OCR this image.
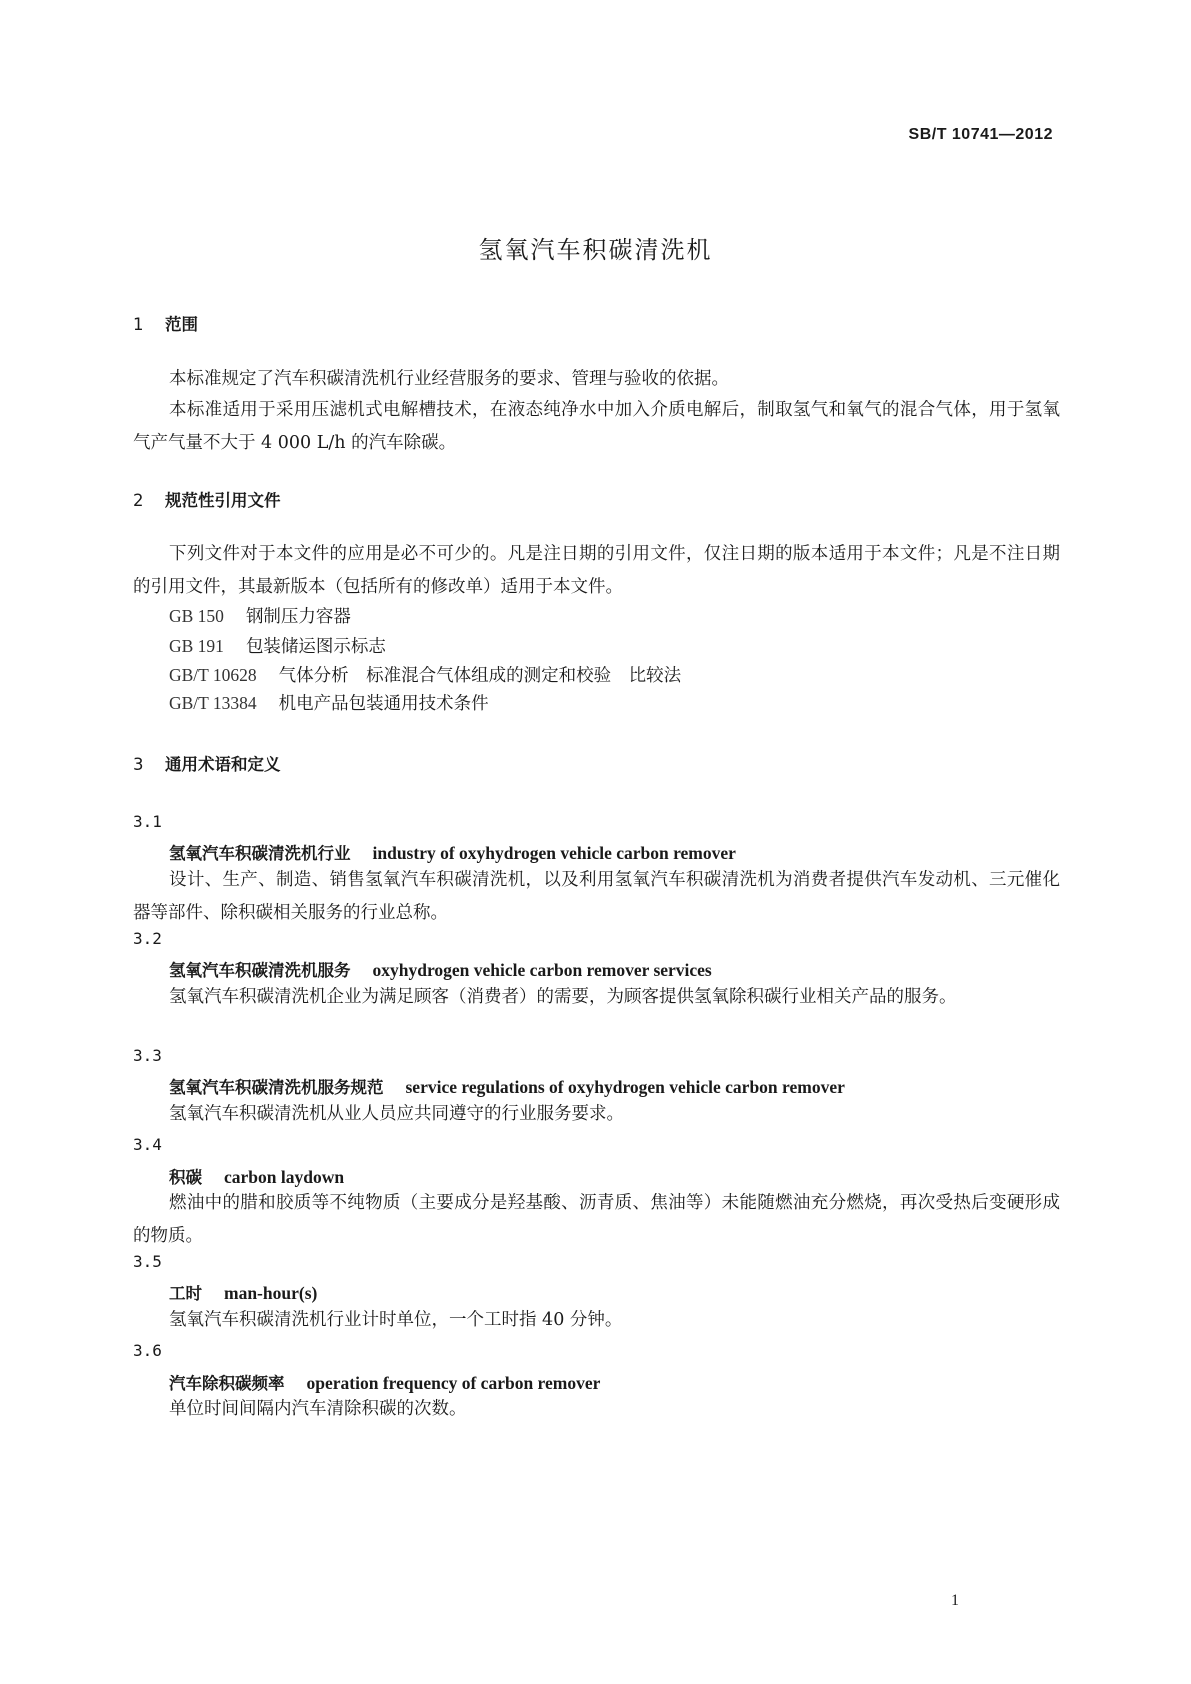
SB/T 10741—2012
氢氧汽车积碳清洗机
1 范围
本标准规定了汽车积碳清洗机行业经营服务的要求、管理与验收的依据。
本标准适用于采用压滤机式电解槽技术，在液态纯净水中加入介质电解后，制取氢气和氧气的混合气体，用于氢氧气产气量不大于 4 000 L/h 的汽车除碳。
2 规范性引用文件
下列文件对于本文件的应用是必不可少的。凡是注日期的引用文件，仅注日期的版本适用于本文件；凡是不注日期的引用文件，其最新版本（包括所有的修改单）适用于本文件。
GB 150 钢制压力容器
GB 191 包装储运图示标志
GB/T 10628 气体分析　标准混合气体组成的测定和校验　比较法
GB/T 13384 机电产品包装通用技术条件
3 通用术语和定义
3.1
氢氧汽车积碳清洗机行业 industry of oxyhydrogen vehicle carbon remover
设计、生产、制造、销售氢氧汽车积碳清洗机，以及利用氢氧汽车积碳清洗机为消费者提供汽车发动机、三元催化器等部件、除积碳相关服务的行业总称。
3.2
氢氧汽车积碳清洗机服务 oxyhydrogen vehicle carbon remover services
氢氧汽车积碳清洗机企业为满足顾客（消费者）的需要，为顾客提供氢氧除积碳行业相关产品的服务。
3.3
氢氧汽车积碳清洗机服务规范 service regulations of oxyhydrogen vehicle carbon remover
氢氧汽车积碳清洗机从业人员应共同遵守的行业服务要求。
3.4
积碳 carbon laydown
燃油中的腊和胶质等不纯物质（主要成分是羟基酸、沥青质、焦油等）未能随燃油充分燃烧，再次受热后变硬形成的物质。
3.5
工时 man-hour(s)
氢氧汽车积碳清洗机行业计时单位，一个工时指 40 分钟。
3.6
汽车除积碳频率 operation frequency of carbon remover
单位时间间隔内汽车清除积碳的次数。
1
